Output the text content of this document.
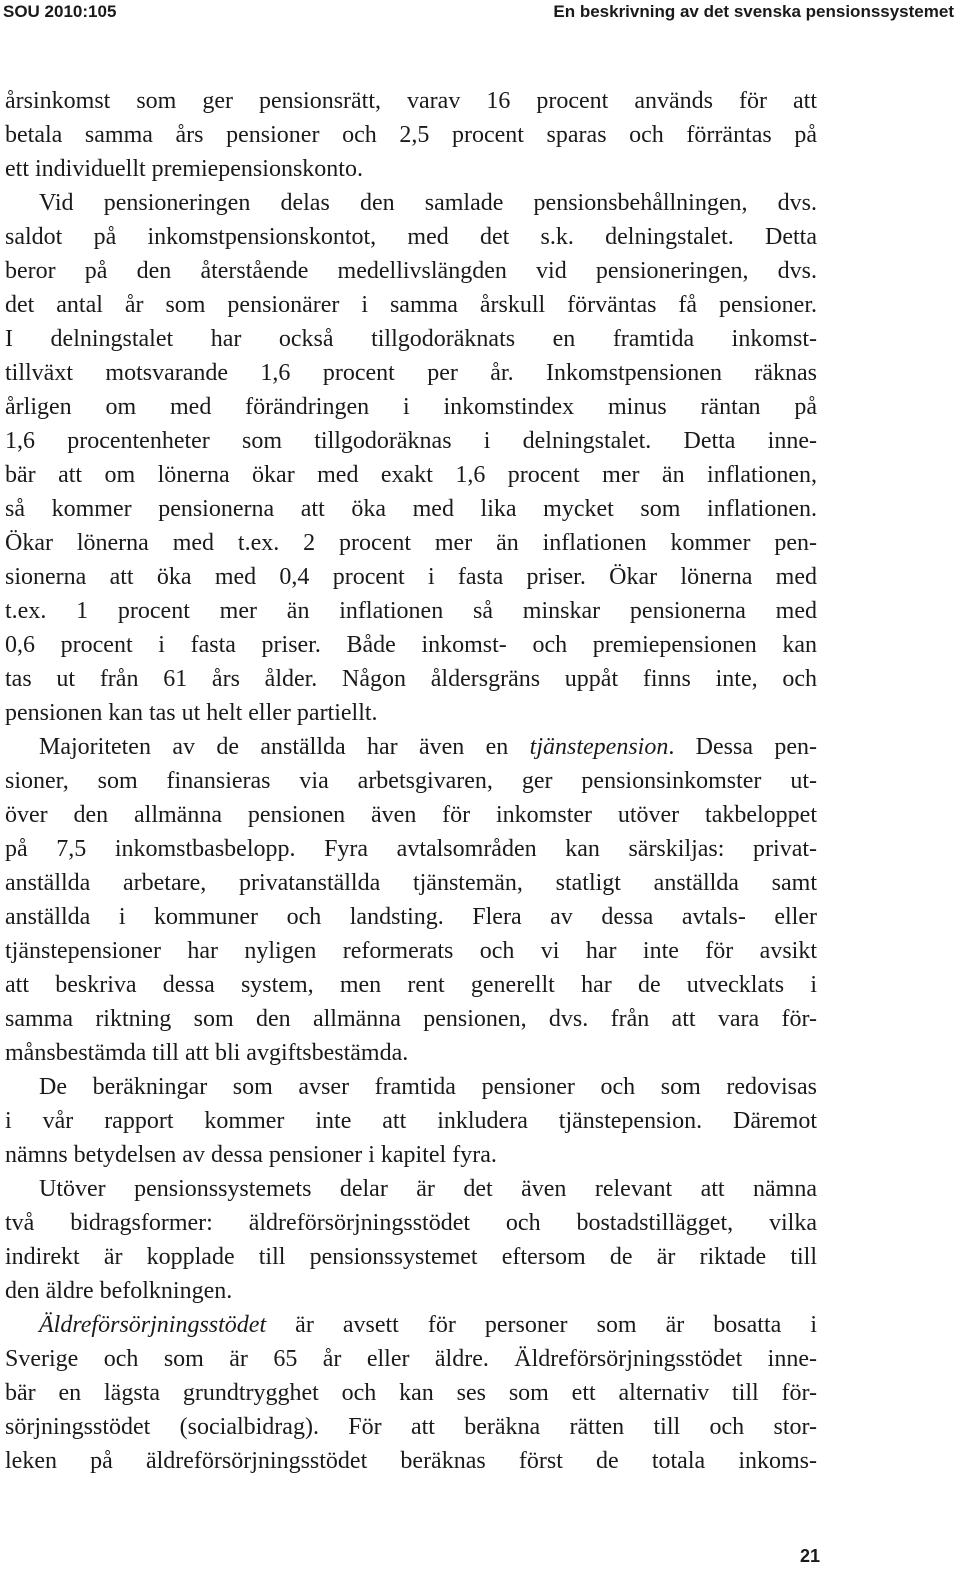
SOU 2010:105	En beskrivning av det svenska pensionssystemet
årsinkomst som ger pensionsrätt, varav 16 procent används för att
betala samma års pensioner och 2,5 procent sparas och förräntas på
ett individuellt premiepensionskonto.
Vid pensioneringen delas den samlade pensionsbehållningen, dvs.
saldot på inkomstpensionskontot, med det s.k. delningstalet. Detta
beror på den återstående medellivslängden vid pensioneringen, dvs.
det antal år som pensionärer i samma årskull förväntas få pensioner.
I delningstalet har också tillgodoräknats en framtida inkomst-
tillväxt motsvarande 1,6 procent per år. Inkomstpensionen räknas
årligen om med förändringen i inkomstindex minus räntan på
1,6 procentenheter som tillgodoräknas i delningstalet. Detta inne-
bär att om lönerna ökar med exakt 1,6 procent mer än inflationen,
så kommer pensionerna att öka med lika mycket som inflationen.
Ökar lönerna med t.ex. 2 procent mer än inflationen kommer pen-
sionerna att öka med 0,4 procent i fasta priser. Ökar lönerna med
t.ex. 1 procent mer än inflationen så minskar pensionerna med
0,6 procent i fasta priser. Både inkomst- och premiepensionen kan
tas ut från 61 års ålder. Någon åldersgräns uppåt finns inte, och
pensionen kan tas ut helt eller partiellt.
Majoriteten av de anställda har även en tjänstepension. Dessa pen-
sioner, som finansieras via arbetsgivaren, ger pensionsinkomster ut-
över den allmänna pensionen även för inkomster utöver takbeloppet
på 7,5 inkomstbasbelopp. Fyra avtalsområden kan särskiljas: privat-
anställda arbetare, privatanställda tjänstemän, statligt anställda samt
anställda i kommuner och landsting. Flera av dessa avtals- eller
tjänstepensioner har nyligen reformerats och vi har inte för avsikt
att beskriva dessa system, men rent generellt har de utvecklats i
samma riktning som den allmänna pensionen, dvs. från att vara för-
månsbestämda till att bli avgiftsbestämda.
De beräkningar som avser framtida pensioner och som redovisas
i vår rapport kommer inte att inkludera tjänstepension. Däremot
nämns betydelsen av dessa pensioner i kapitel fyra.
Utöver pensionssystemets delar är det även relevant att nämna
två bidragsformer: äldreförsörjningsstödet och bostadstillägget, vilka
indirekt är kopplade till pensionssystemet eftersom de är riktade till
den äldre befolkningen.
Äldreförsörjningsstödet är avsett för personer som är bosatta i
Sverige och som är 65 år eller äldre. Äldreförsörjningsstödet inne-
bär en lägsta grundtrygghet och kan ses som ett alternativ till för-
sörjningsstödet (socialbidrag). För att beräkna rätten till och stor-
leken på äldreförsörjningsstödet beräknas först de totala inkoms-
21
